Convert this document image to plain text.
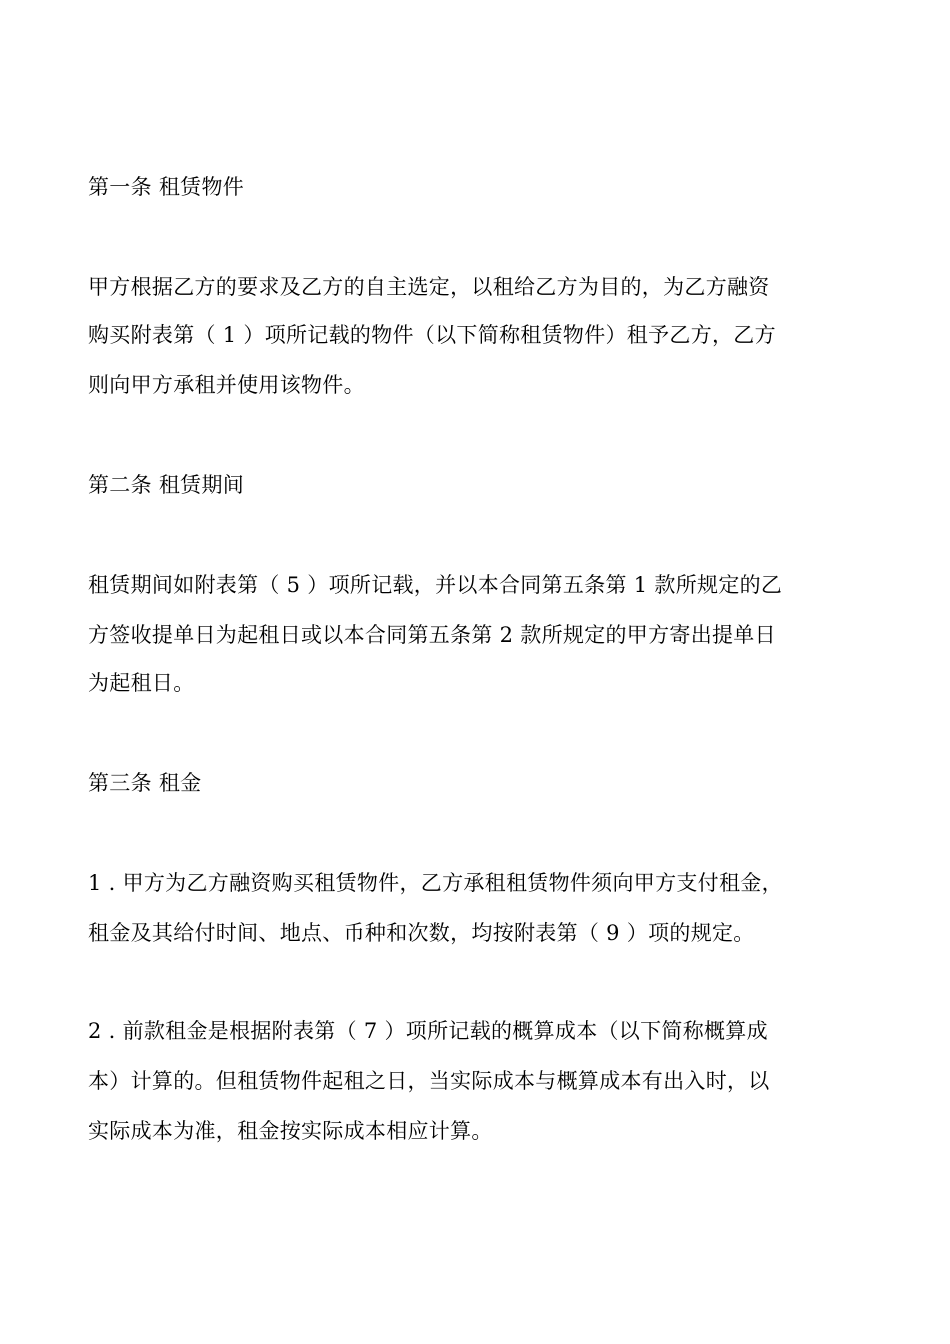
第一条 租赁物件
甲方根据乙方的要求及乙方的自主选定，以租给乙方为目的，为乙方融资
购买附表第（ 1 ）项所记载的物件（以下简称租赁物件）租予乙方，乙方
则向甲方承租并使用该物件。
第二条 租赁期间
租赁期间如附表第（ 5 ）项所记载，并以本合同第五条第 1 款所规定的乙
方签收提单日为起租日或以本合同第五条第 2 款所规定的甲方寄出提单日
为起租日。
第三条 租金
1 . 甲方为乙方融资购买租赁物件，乙方承租租赁物件须向甲方支付租金，
租金及其给付时间、地点、币种和次数，均按附表第（ 9 ）项的规定。
2 . 前款租金是根据附表第（ 7 ）项所记载的概算成本（以下简称概算成
本）计算的。但租赁物件起租之日，当实际成本与概算成本有出入时，以
实际成本为准，租金按实际成本相应计算。
